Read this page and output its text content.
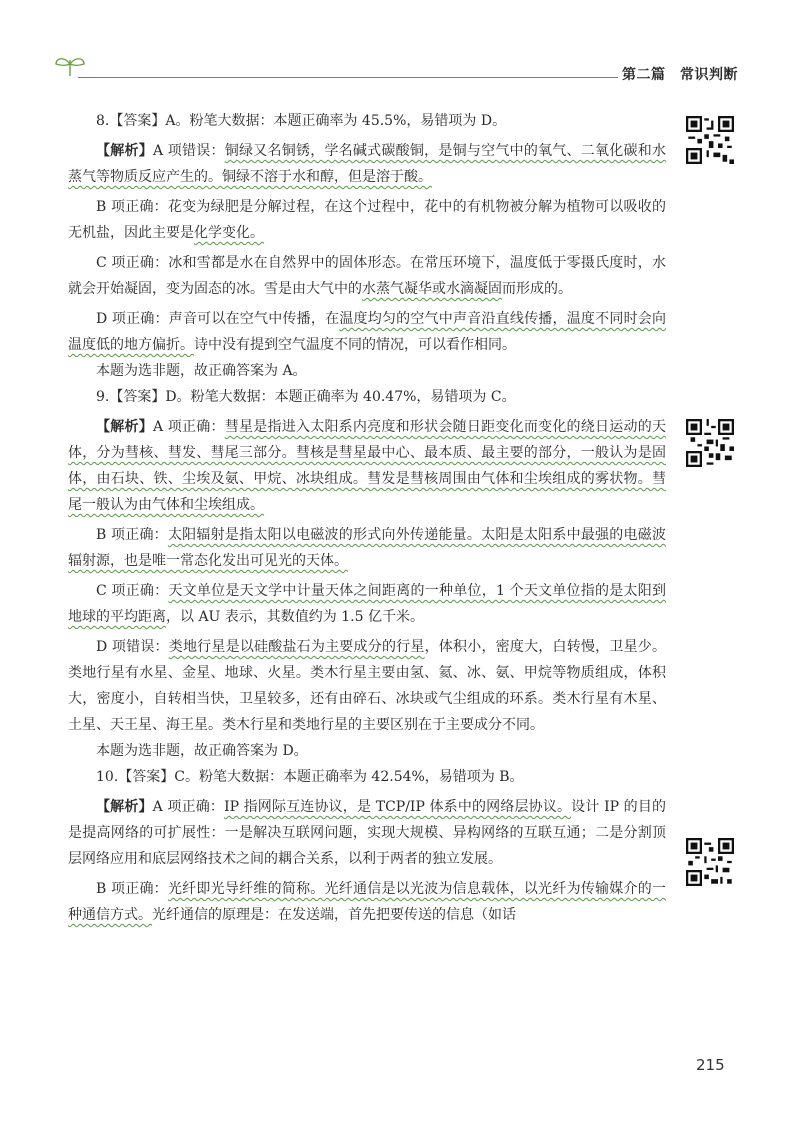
第二篇　常识判断

8.【答案】A。粉笔大数据：本题正确率为 45.5%，易错项为 D。

【解析】A 项错误：铜绿又名铜锈，学名碱式碳酸铜，是铜与空气中的氧气、二氧化碳和水蒸气等物质反应产生的。铜绿不溶于水和醇，但是溶于酸。

B 项正确：花变为绿肥是分解过程，在这个过程中，花中的有机物被分解为植物可以吸收的无机盐，因此主要是化学变化。

C 项正确：冰和雪都是水在自然界中的固体形态。在常压环境下，温度低于零摄氏度时，水就会开始凝固，变为固态的冰。雪是由大气中的水蒸气凝华或水滴凝固而形成的。

D 项正确：声音可以在空气中传播，在温度均匀的空气中声音沿直线传播，温度不同时会向温度低的地方偏折。诗中没有提到空气温度不同的情况，可以看作相同。

本题为选非题，故正确答案为 A。

9.【答案】D。粉笔大数据：本题正确率为 40.47%，易错项为 C。

【解析】A 项正确：彗星是指进入太阳系内亮度和形状会随日距变化而变化的绕日运动的天体，分为彗核、彗发、彗尾三部分。彗核是彗星最中心、最本质、最主要的部分，一般认为是固体，由石块、铁、尘埃及氨、甲烷、冰块组成。彗发是彗核周围由气体和尘埃组成的雾状物。彗尾一般认为由气体和尘埃组成。

B 项正确：太阳辐射是指太阳以电磁波的形式向外传递能量。太阳是太阳系中最强的电磁波辐射源，也是唯一常态化发出可见光的天体。

C 项正确：天文单位是天文学中计量天体之间距离的一种单位，1 个天文单位指的是太阳到地球的平均距离，以 AU 表示，其数值约为 1.5 亿千米。

D 项错误：类地行星是以硅酸盐石为主要成分的行星，体积小，密度大，白转慢，卫星少。类地行星有水星、金星、地球、火星。类木行星主要由氢、氦、冰、氨、甲烷等物质组成，体积大，密度小，自转相当快，卫星较多，还有由碎石、冰块或气尘组成的环系。类木行星有木星、土星、天王星、海王星。类木行星和类地行星的主要区别在于主要成分不同。

本题为选非题，故正确答案为 D。

10.【答案】C。粉笔大数据：本题正确率为 42.54%，易错项为 B。

【解析】A 项正确：IP 指网际互连协议，是 TCP/IP 体系中的网络层协议。设计 IP 的目的是提高网络的可扩展性：一是解决互联网问题，实现大规模、异构网络的互联互通；二是分割顶层网络应用和底层网络技术之间的耦合关系，以利于两者的独立发展。

B 项正确：光纤即光导纤维的简称。光纤通信是以光波为信息载体，以光纤为传输媒介的一种通信方式。光纤通信的原理是：在发送端，首先把要传送的信息（如话

215
